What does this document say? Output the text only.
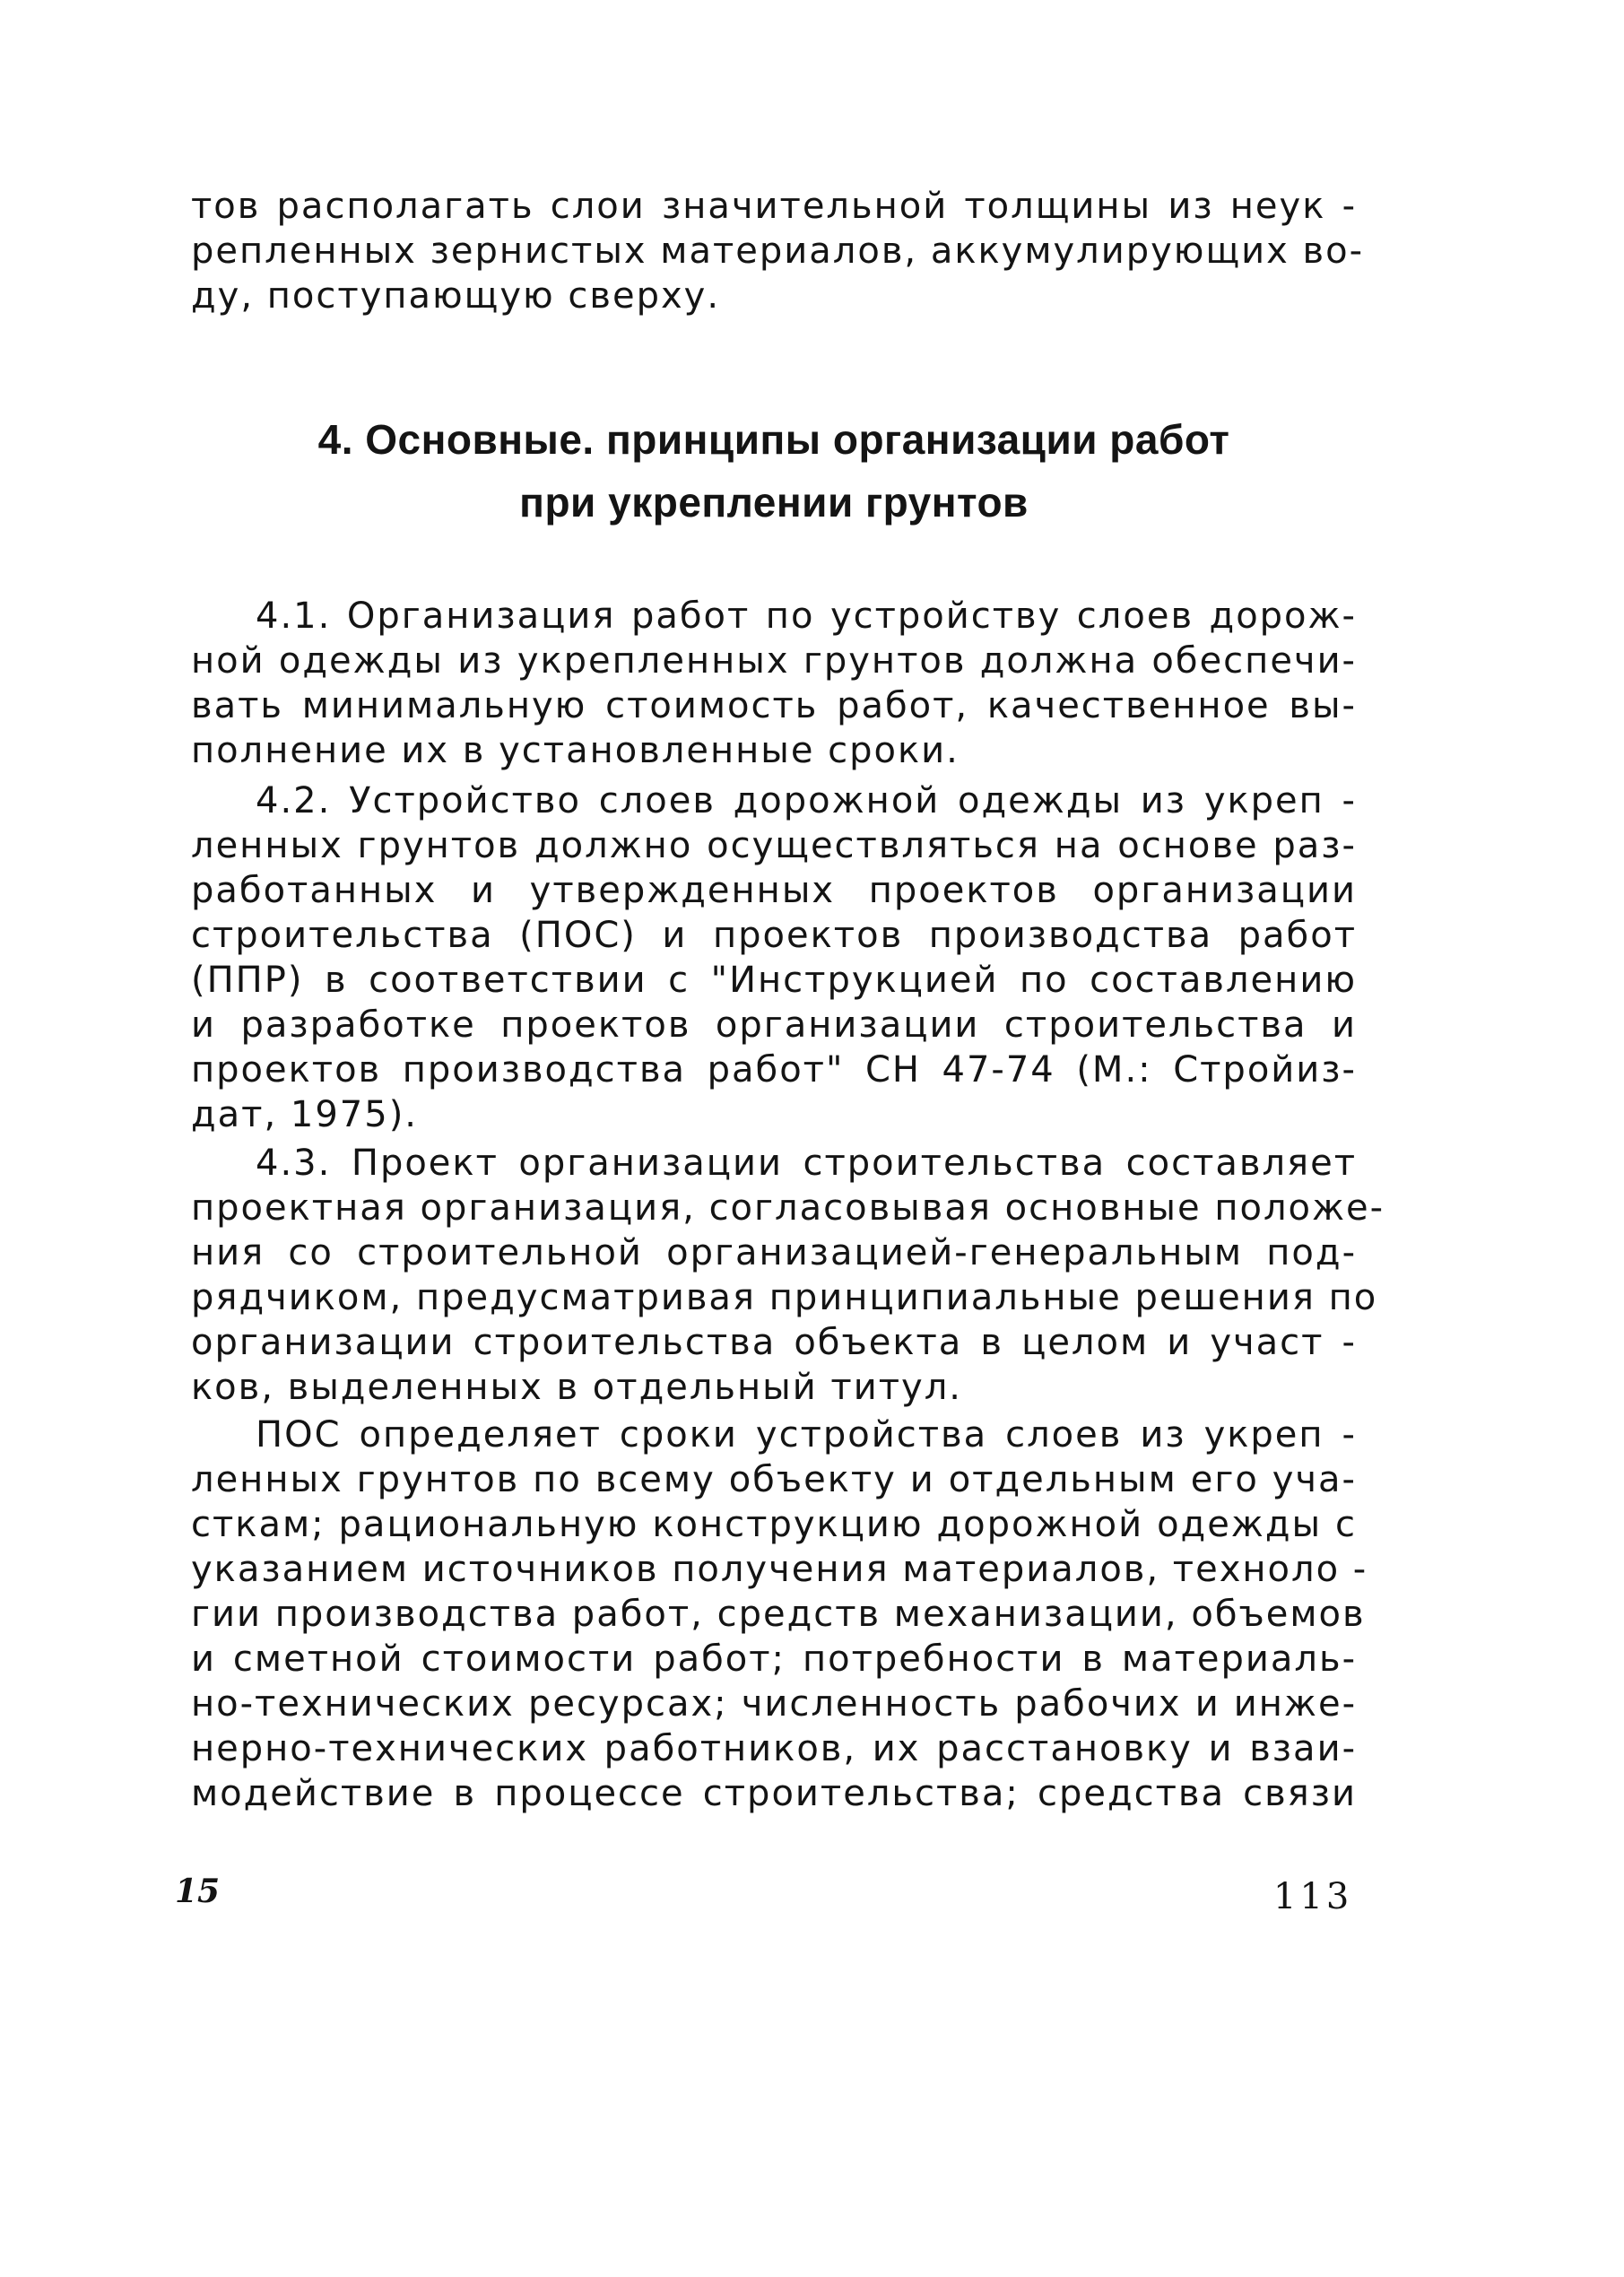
тов располагать слои значительной толщины из неук -
репленных зернистых материалов, аккумулирующих во-
ду, поступающую сверху.
4. Основные. принципы организации работ
при укреплении грунтов
4.1. Организация работ по устройству слоев дорож-
ной одежды из укрепленных грунтов должна обеспечи-
вать минимальную стоимость работ, качественное вы-
полнение их в установленные сроки.
4.2. Устройство слоев дорожной одежды из укреп -
ленных грунтов должно осуществляться на основе раз-
работанных и утвержденных проектов организации
строительства (ПОС) и проектов производства работ
(ППР) в соответствии с "Инструкцией по составлению
и разработке проектов организации строительства и
проектов производства работ" СН 47-74 (М.: Стройиз-
дат, 1975).
4.3. Проект организации строительства составляет
проектная организация, согласовывая основные положе-
ния со строительной организацией-генеральным под-
рядчиком, предусматривая принципиальные решения по
организации строительства объекта в целом и участ -
ков, выделенных в отдельный титул.
ПОС определяет сроки устройства слоев из укреп -
ленных грунтов по всему объекту и отдельным его уча-
сткам; рациональную конструкцию дорожной одежды с
указанием источников получения материалов, техноло -
гии производства работ, средств механизации, объемов
и сметной стоимости работ; потребности в материаль-
но-технических ресурсах; численность рабочих и инже-
нерно-технических работников, их расстановку и взаи-
модействие в процессе строительства; средства связи
15	113
